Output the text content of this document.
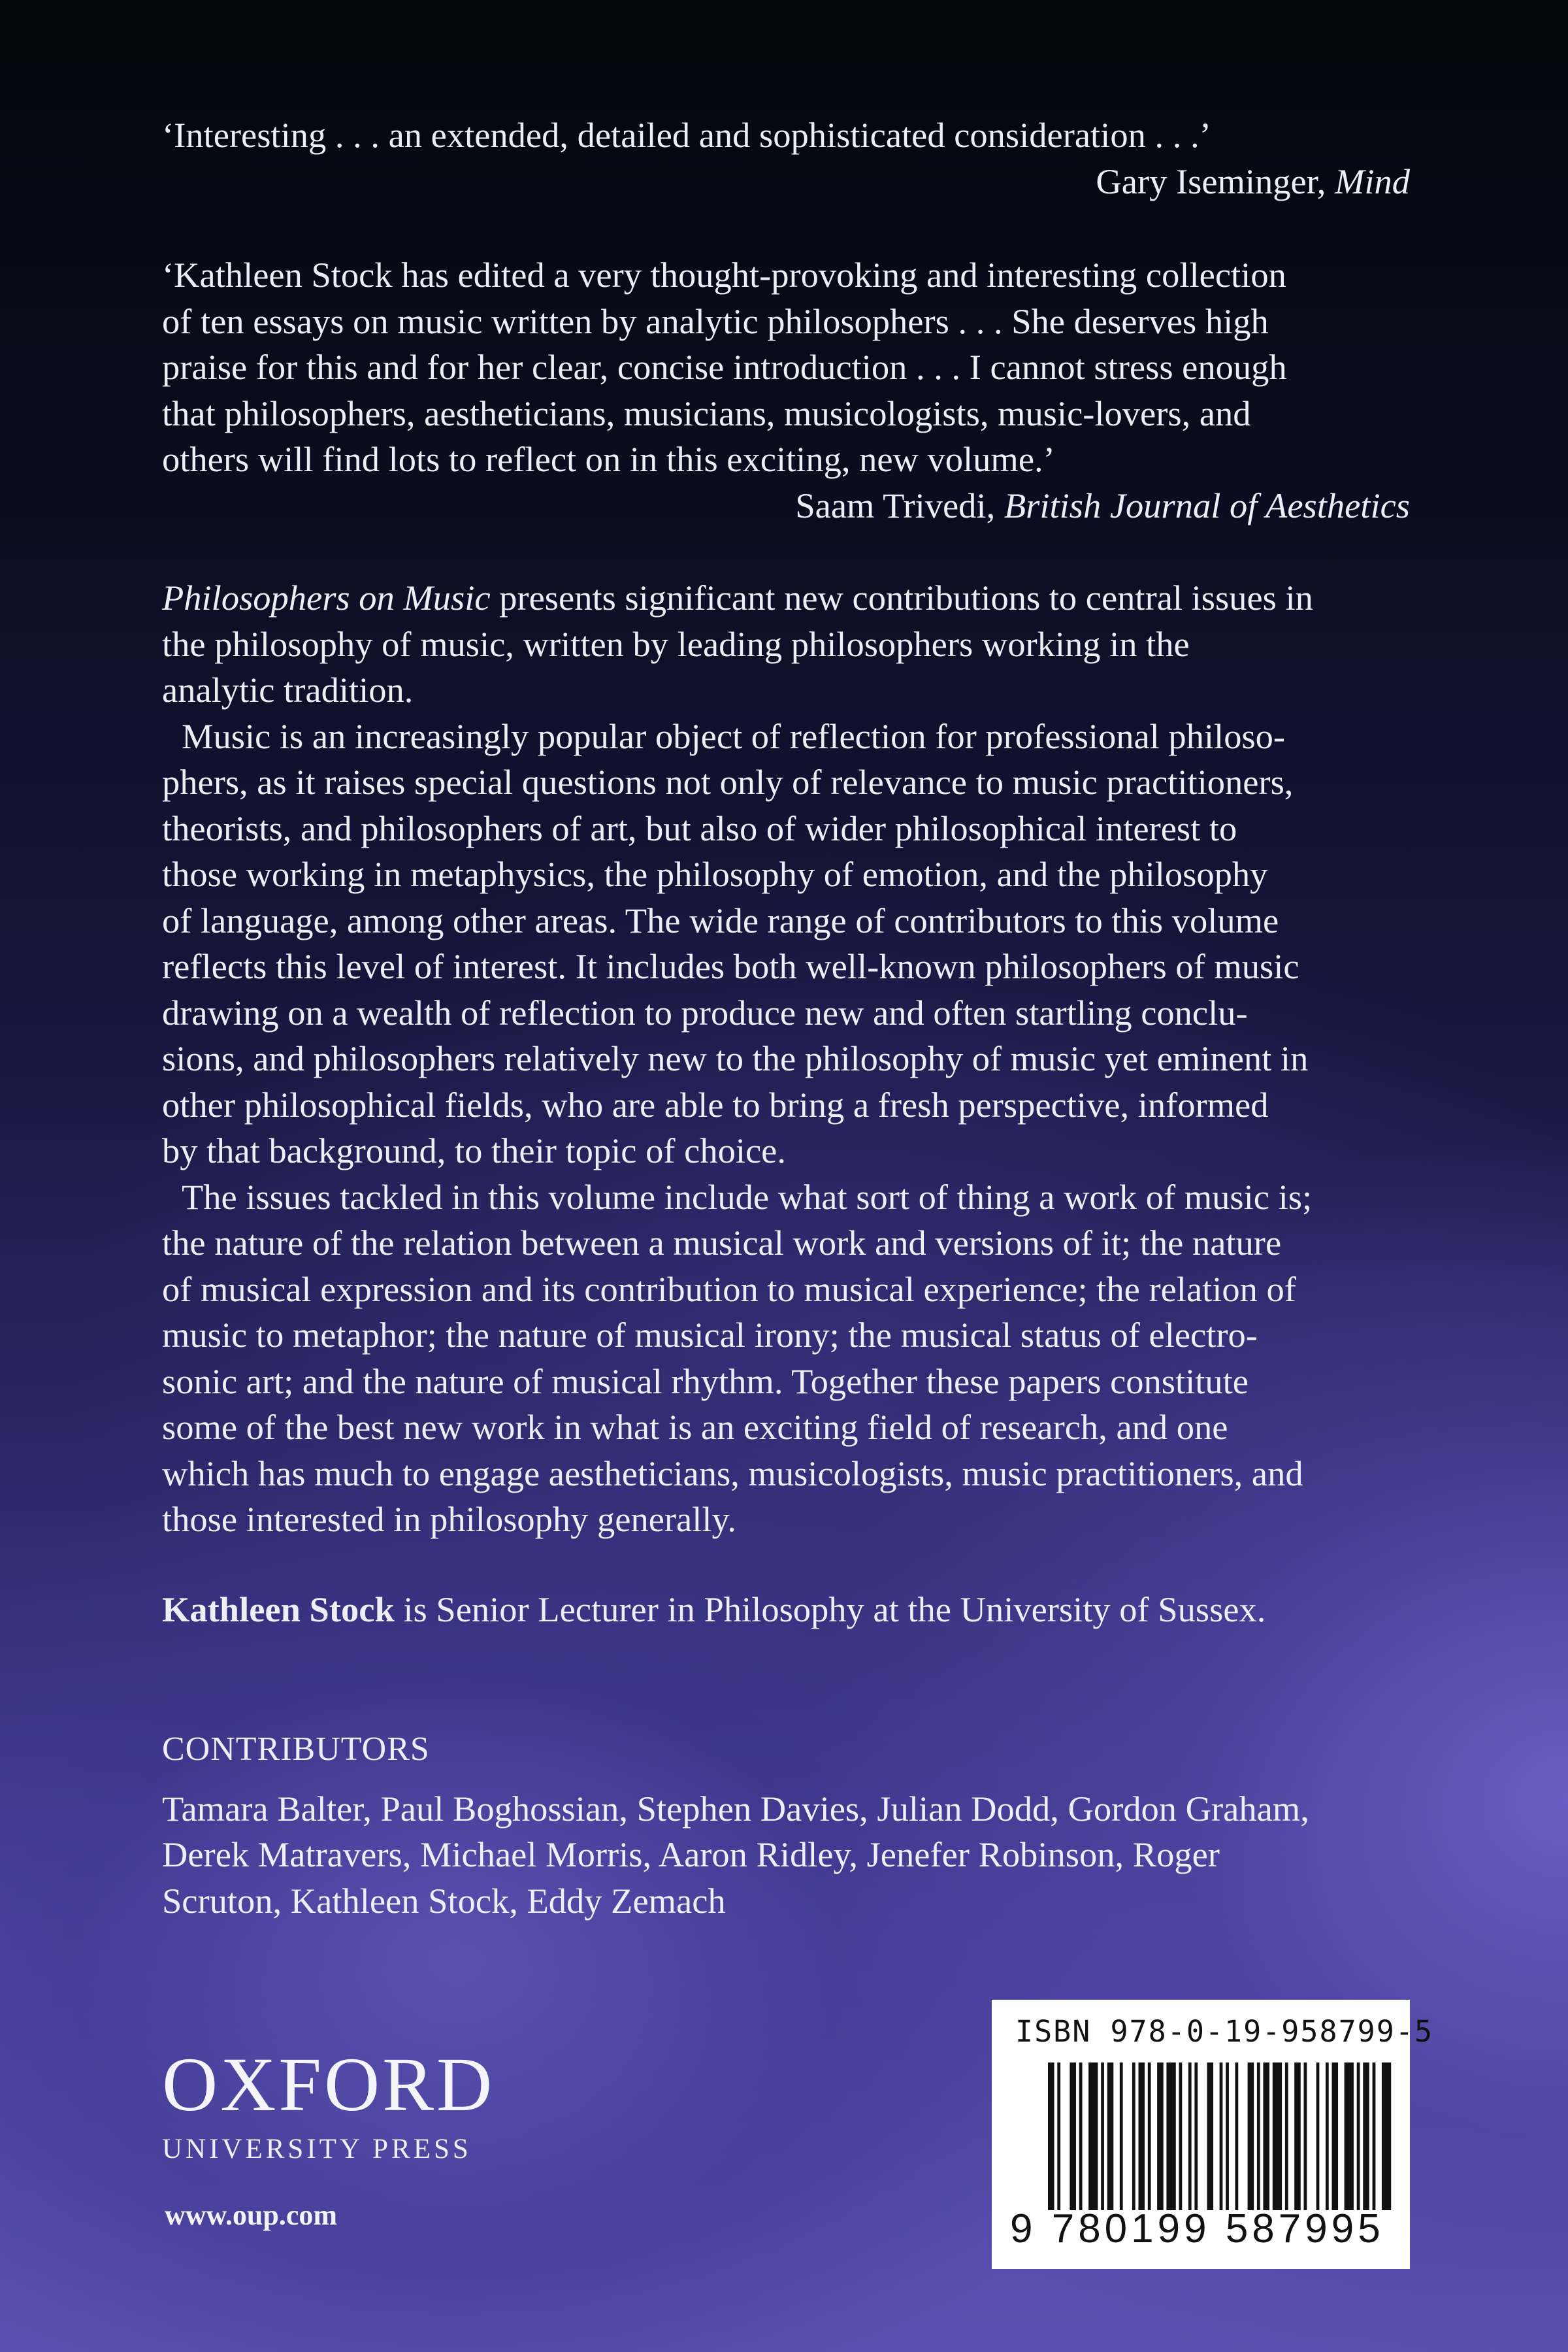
‘Interesting . . . an extended, detailed and sophisticated consideration . . .’
Gary Iseminger, Mind
‘Kathleen Stock has edited a very thought-provoking and interesting collection
of ten essays on music written by analytic philosophers . . . She deserves high
praise for this and for her clear, concise introduction . . . I cannot stress enough
that philosophers, aestheticians, musicians, musicologists, music-lovers, and
others will find lots to reflect on in this exciting, new volume.’
Saam Trivedi, British Journal of Aesthetics
Philosophers on Music presents significant new contributions to central issues in
the philosophy of music, written by leading philosophers working in the
analytic tradition.
Music is an increasingly popular object of reflection for professional philoso-
phers, as it raises special questions not only of relevance to music practitioners,
theorists, and philosophers of art, but also of wider philosophical interest to
those working in metaphysics, the philosophy of emotion, and the philosophy
of language, among other areas. The wide range of contributors to this volume
reflects this level of interest. It includes both well-known philosophers of music
drawing on a wealth of reflection to produce new and often startling conclu-
sions, and philosophers relatively new to the philosophy of music yet eminent in
other philosophical fields, who are able to bring a fresh perspective, informed
by that background, to their topic of choice.
The issues tackled in this volume include what sort of thing a work of music is;
the nature of the relation between a musical work and versions of it; the nature
of musical expression and its contribution to musical experience; the relation of
music to metaphor; the nature of musical irony; the musical status of electro-
sonic art; and the nature of musical rhythm. Together these papers constitute
some of the best new work in what is an exciting field of research, and one
which has much to engage aestheticians, musicologists, music practitioners, and
those interested in philosophy generally.
Kathleen Stock is Senior Lecturer in Philosophy at the University of Sussex.
CONTRIBUTORS
Tamara Balter, Paul Boghossian, Stephen Davies, Julian Dodd, Gordon Graham,
Derek Matravers, Michael Morris, Aaron Ridley, Jenefer Robinson, Roger
Scruton, Kathleen Stock, Eddy Zemach
OXFORD
UNIVERSITY PRESS
www.oup.com
ISBN 978-0-19-958799-5
9 780199 587995
